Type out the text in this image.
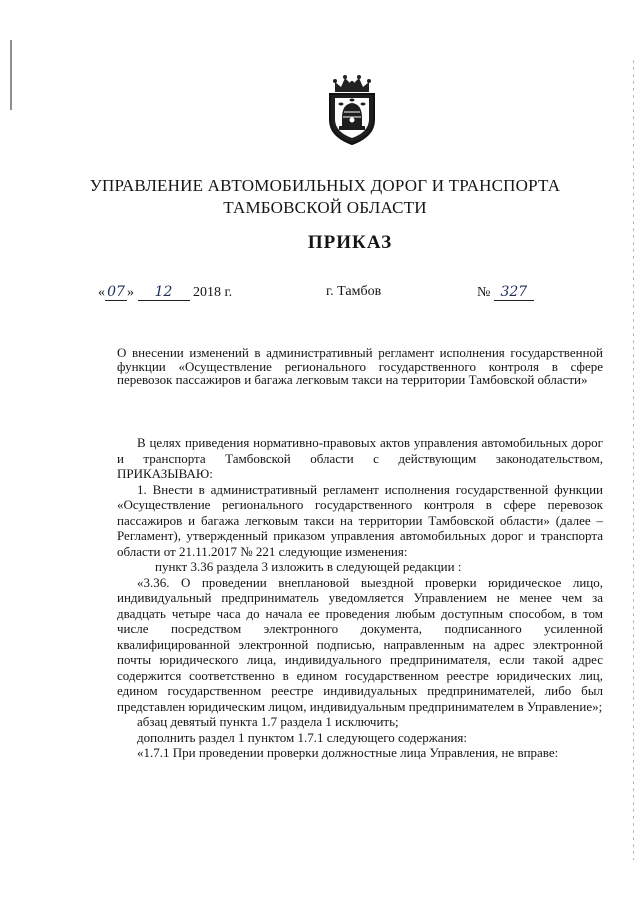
УПРАВЛЕНИЕ АВТОМОБИЛЬНЫХ ДОРОГ И ТРАНСПОРТА
ТАМБОВСКОЙ ОБЛАСТИ
ПРИКАЗ
« 07 » 12 2018 г.	г. Тамбов	№ 327
О внесении изменений в административный регламент исполнения государственной функции «Осуществление регионального государственного контроля в сфере перевозок пассажиров и багажа легковым такси на территории Тамбовской области»

В целях приведения нормативно-правовых актов управления автомобильных дорог и транспорта Тамбовской области с действующим законодательством, ПРИКАЗЫВАЮ:

1. Внести в административный регламент исполнения государственной функции «Осуществление регионального государственного контроля в сфере перевозок пассажиров и багажа легковым такси на территории Тамбовской области» (далее – Регламент), утвержденный приказом управления автомобильных дорог и транспорта области от 21.11.2017 № 221 следующие изменения:

пункт 3.36 раздела 3 изложить в следующей редакции :

«3.36. О проведении внеплановой выездной проверки юридическое лицо, индивидуальный предприниматель уведомляется Управлением не менее чем за двадцать четыре часа до начала ее проведения любым доступным способом, в том числе посредством электронного документа, подписанного усиленной квалифицированной электронной подписью, направленным на адрес электронной почты юридического лица, индивидуального предпринимателя, если такой адрес содержится соответственно в едином государственном реестре юридических лиц, едином государственном реестре индивидуальных предпринимателей, либо был представлен юридическим лицом, индивидуальным предпринимателем в Управление»;

абзац девятый пункта 1.7 раздела 1 исключить;

дополнить раздел 1 пунктом 1.7.1 следующего содержания:

«1.7.1 При проведении проверки должностные лица Управления, не вправе:
